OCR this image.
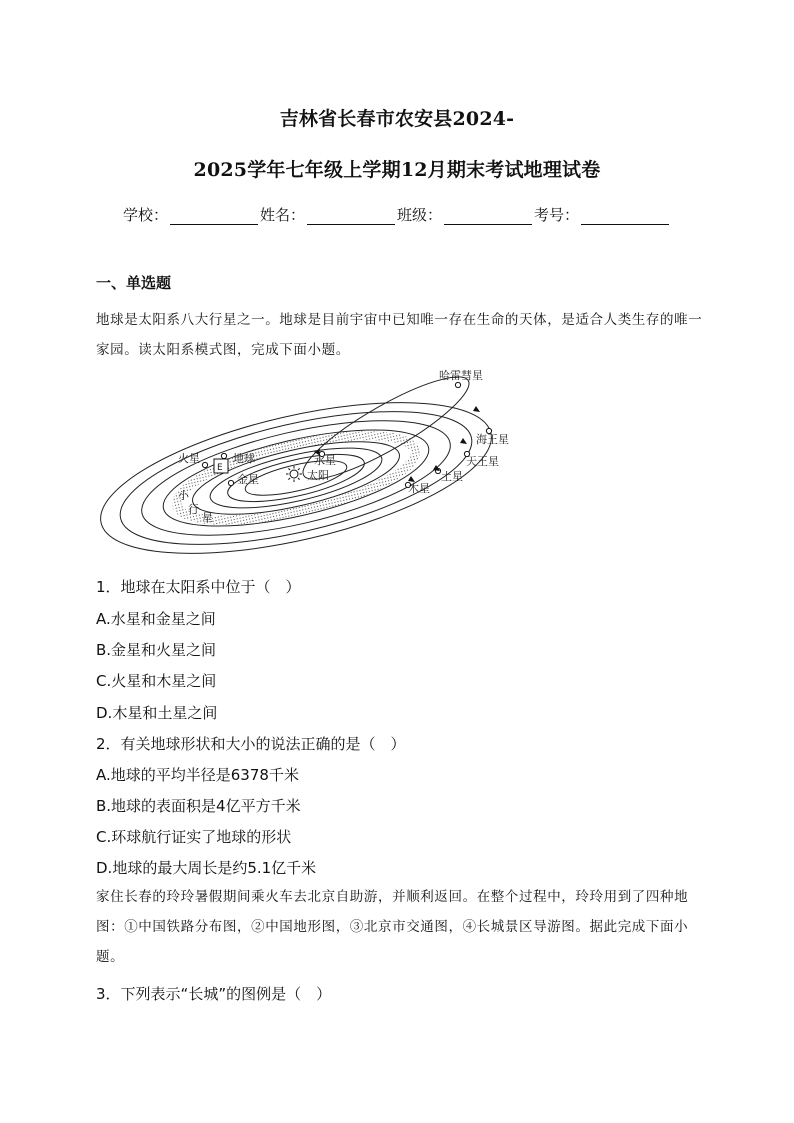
吉林省长春市农安县2024-
2025学年七年级上学期12月期末考试地理试卷
学校：	姓名：	班级：	考号：
一、单选题
地球是太阳系八大行星之一。地球是目前宇宙中已知唯一存在生命的天体，是适合人类生存的唯一家园。读太阳系模式图，完成下面小题。
E
哈雷彗星
海王星
天王星
土星
木星
火星	地球
金星
水星
太阳
小
行
星
1．地球在太阳系中位于（　）
A.水星和金星之间
B.金星和火星之间
C.火星和木星之间
D.木星和土星之间
2．有关地球形状和大小的说法正确的是（　）
A.地球的平均半径是6378千米
B.地球的表面积是4亿平方千米
C.环球航行证实了地球的形状
D.地球的最大周长是约5.1亿千米
家住长春的玲玲暑假期间乘火车去北京自助游，并顺利返回。在整个过程中，玲玲用到了四种地图：①中国铁路分布图，②中国地形图，③北京市交通图，④长城景区导游图。据此完成下面小题。
3．下列表示“长城”的图例是（　）
